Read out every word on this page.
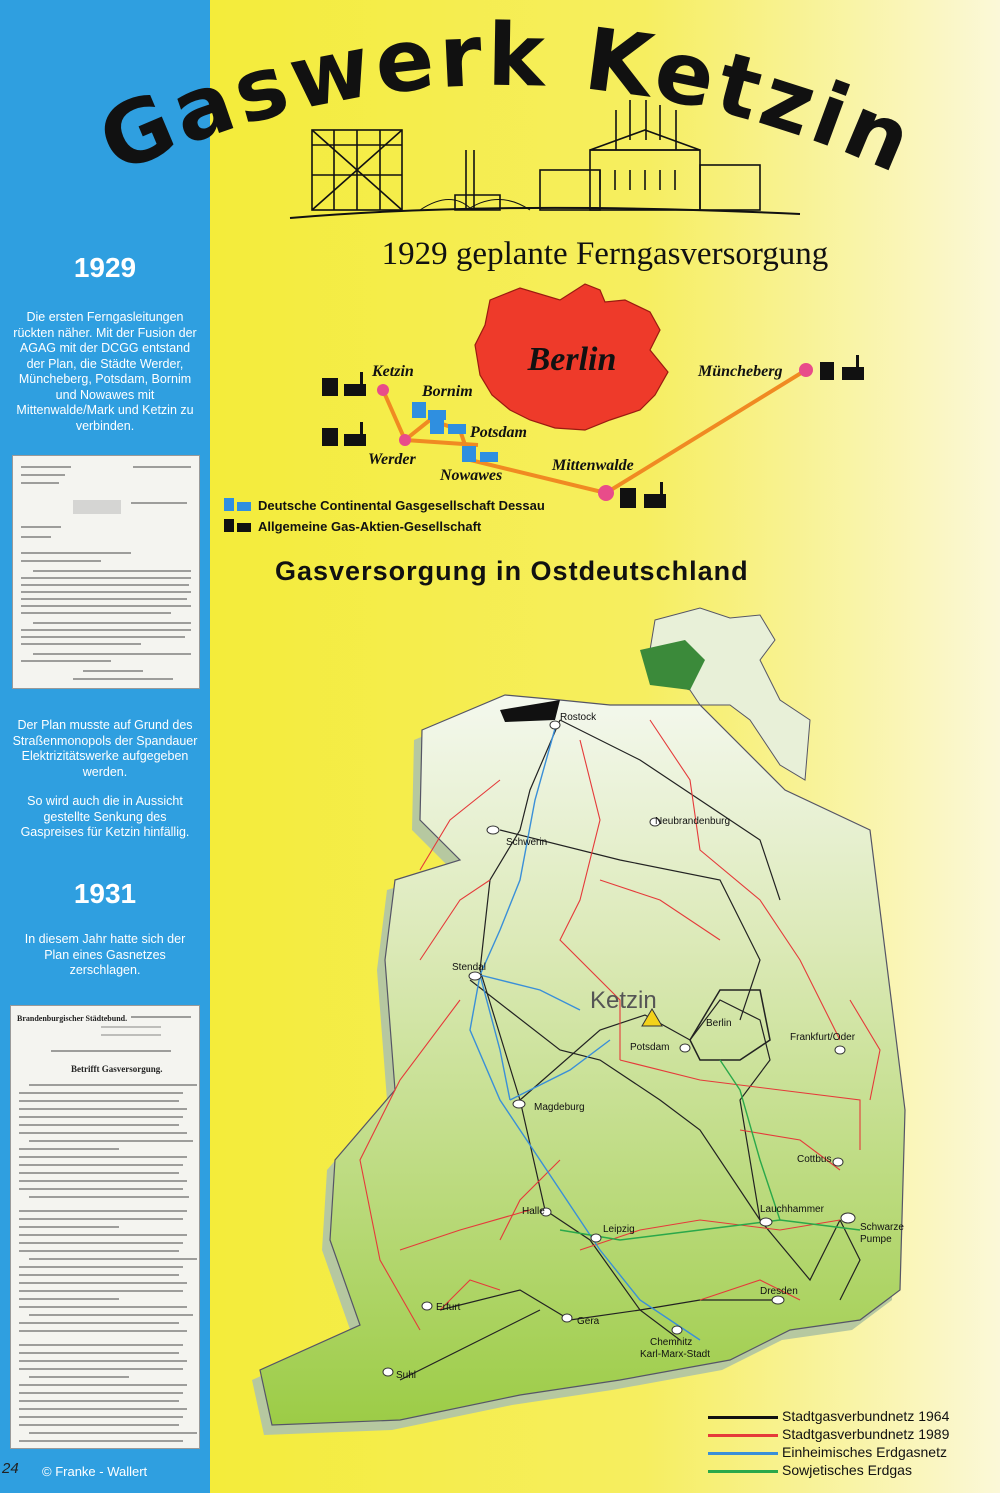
1929
Die ersten Ferngasleitungen rückten näher. Mit der Fusion der AGAG mit der DCGG entstand der Plan, die Städte Werder, Müncheberg, Potsdam, Bornim und Nowawes mit Mittenwalde/Mark und Ketzin zu verbinden.
Der Plan musste auf Grund des Straßenmonopols der Spandauer Elektrizitätswerke aufgegeben werden.
So wird auch die in Aussicht gestellte Senkung des Gaspreises für Ketzin hinfällig.
1931
In diesem Jahr hatte sich der Plan eines Gasnetzes zerschlagen.
Brandenburgischer Städtebund.
Betrifft Gasversorgung.
© Franke - Wallert
24
Gaswerk Ketzin
1929 geplante Ferngasversorgung
Berlin
Ketzin
Bornim
Potsdam
Werder
Nowawes
Mittenwalde
Müncheberg
Deutsche Continental Gasgesellschaft Dessau
Allgemeine Gas-Aktien-Gesellschaft
Gasversorgung in Ostdeutschland
Ketzin
Rostock
Schwerin
Neubrandenburg
Stendal
Berlin
Potsdam
Frankfurt/Oder
Magdeburg
Cottbus
Lauchhammer
Schwarze
Pumpe
Halle
Leipzig
Dresden
Erfurt
Gera
Chemnitz
Karl-Marx-Stadt
Suhl
Stadtgasverbundnetz 1964
Stadtgasverbundnetz 1989
Einheimisches Erdgasnetz
Sowjetisches Erdgas
